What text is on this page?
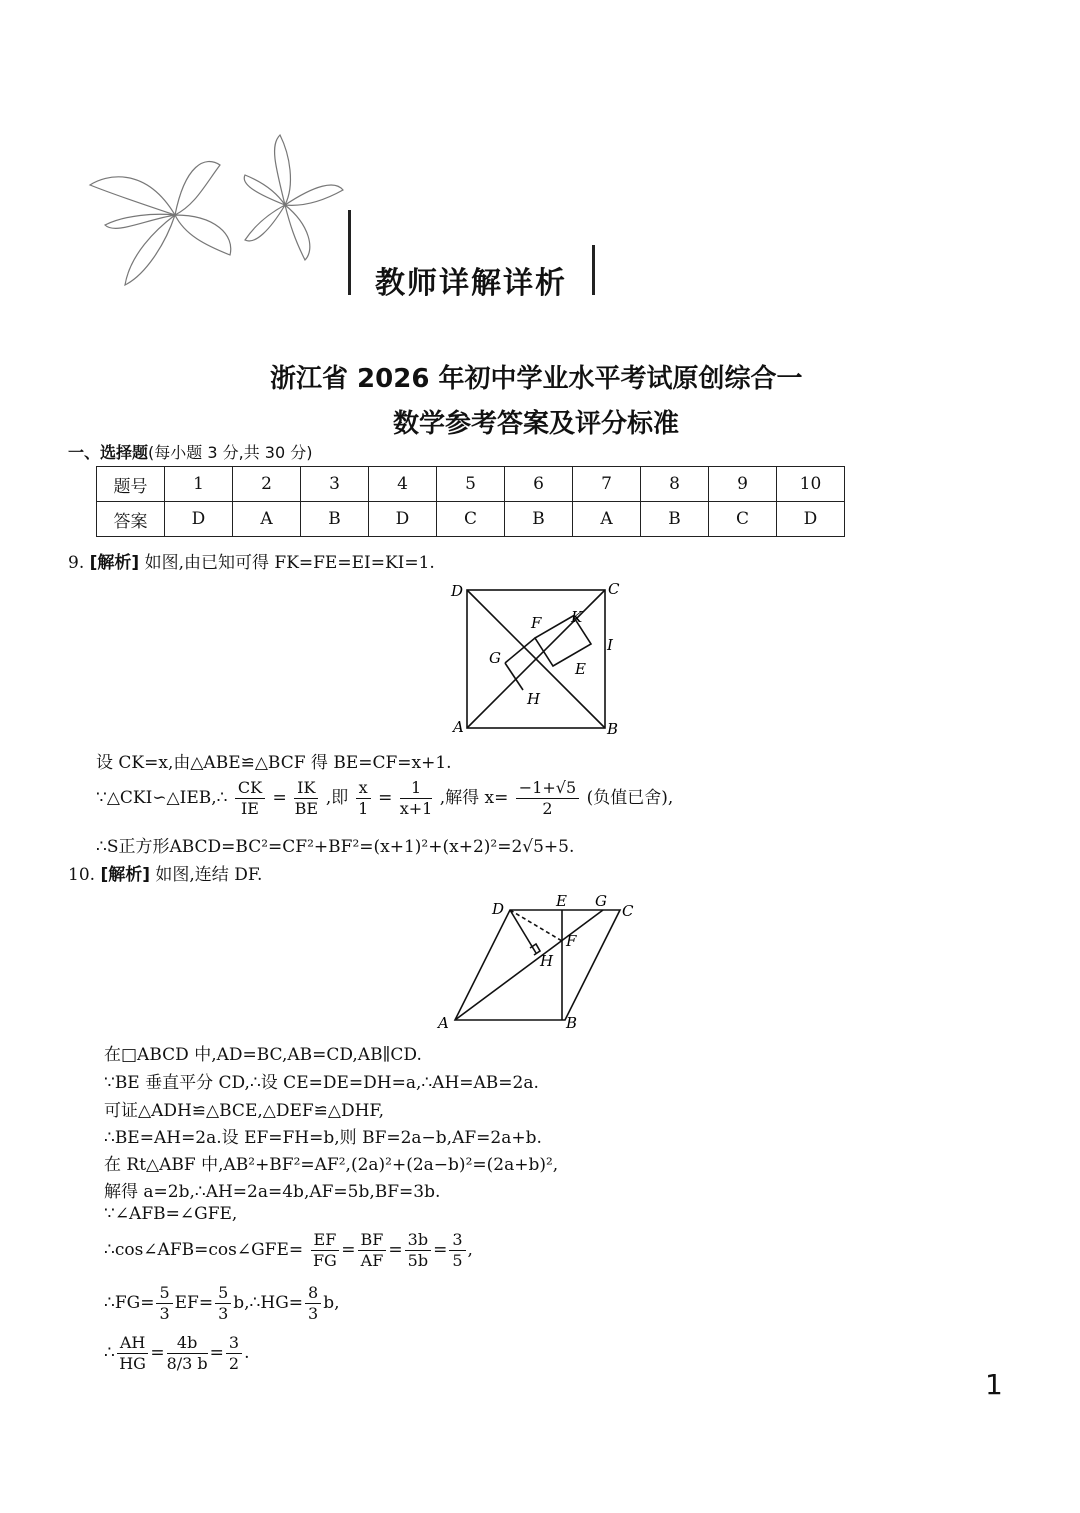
教师详解详析
浙江省 2026 年初中学业水平考试原创综合一
数学参考答案及评分标准
一、选择题(每小题 3 分,共 30 分)
题号	1	2	3	4	5	6	7	8	9	10
答案	D	A	B	D	C	B	A	B	C	D
9. [解析] 如图,由已知可得 FK=FE=EI=KI=1.
D	C
A	B
F K
G
I
E
H
设 CK=x,由△ABE≌△BCF 得 BE=CF=x+1.
∵△CKI∽△IEB,∴ $\frac{CK}{IE} = \frac{IK}{BE}$ ,即 $\frac{x}{1} = \frac{1}{x+1}$ ,解得 $x= \frac{-1+√5}{2}$ (负值已舍),
∴S正方形ABCD=BC²=CF²+BF²=(x+1)²+(x+2)²=2√5+5.
10. [解析] 如图,连结 DF.
D	E G
C
F
H
A	B
在□ABCD 中,AD=BC,AB=CD,AB∥CD.
∵BE 垂直平分 CD,∴设 CE=DE=DH=a,∴AH=AB=2a.
可证△ADH≌△BCE,△DEF≌△DHF,
∴BE=AH=2a.设 EF=FH=b,则 BF=2a−b,AF=2a+b.
在 Rt△ABF 中,AB²+BF²=AF²,(2a)²+(2a−b)²=(2a+b)²,
解得 a=2b,∴AH=2a=4b,AF=5b,BF=3b.
∵∠AFB=∠GFE,
∴cos∠AFB=cos∠GFE= $\frac{EF}{FG} = \frac{BF}{AF} = \frac{3b}{5b} = \frac{3}{5}$ ,
∴FG= $\frac{5}{3} EF= \frac{5}{3}$ b,∴HG= $\frac{8}{3} b$,
∴ $\frac{AH}{HG} = \frac{4b}{8/3 b} = \frac{3}{2}$ .
1
